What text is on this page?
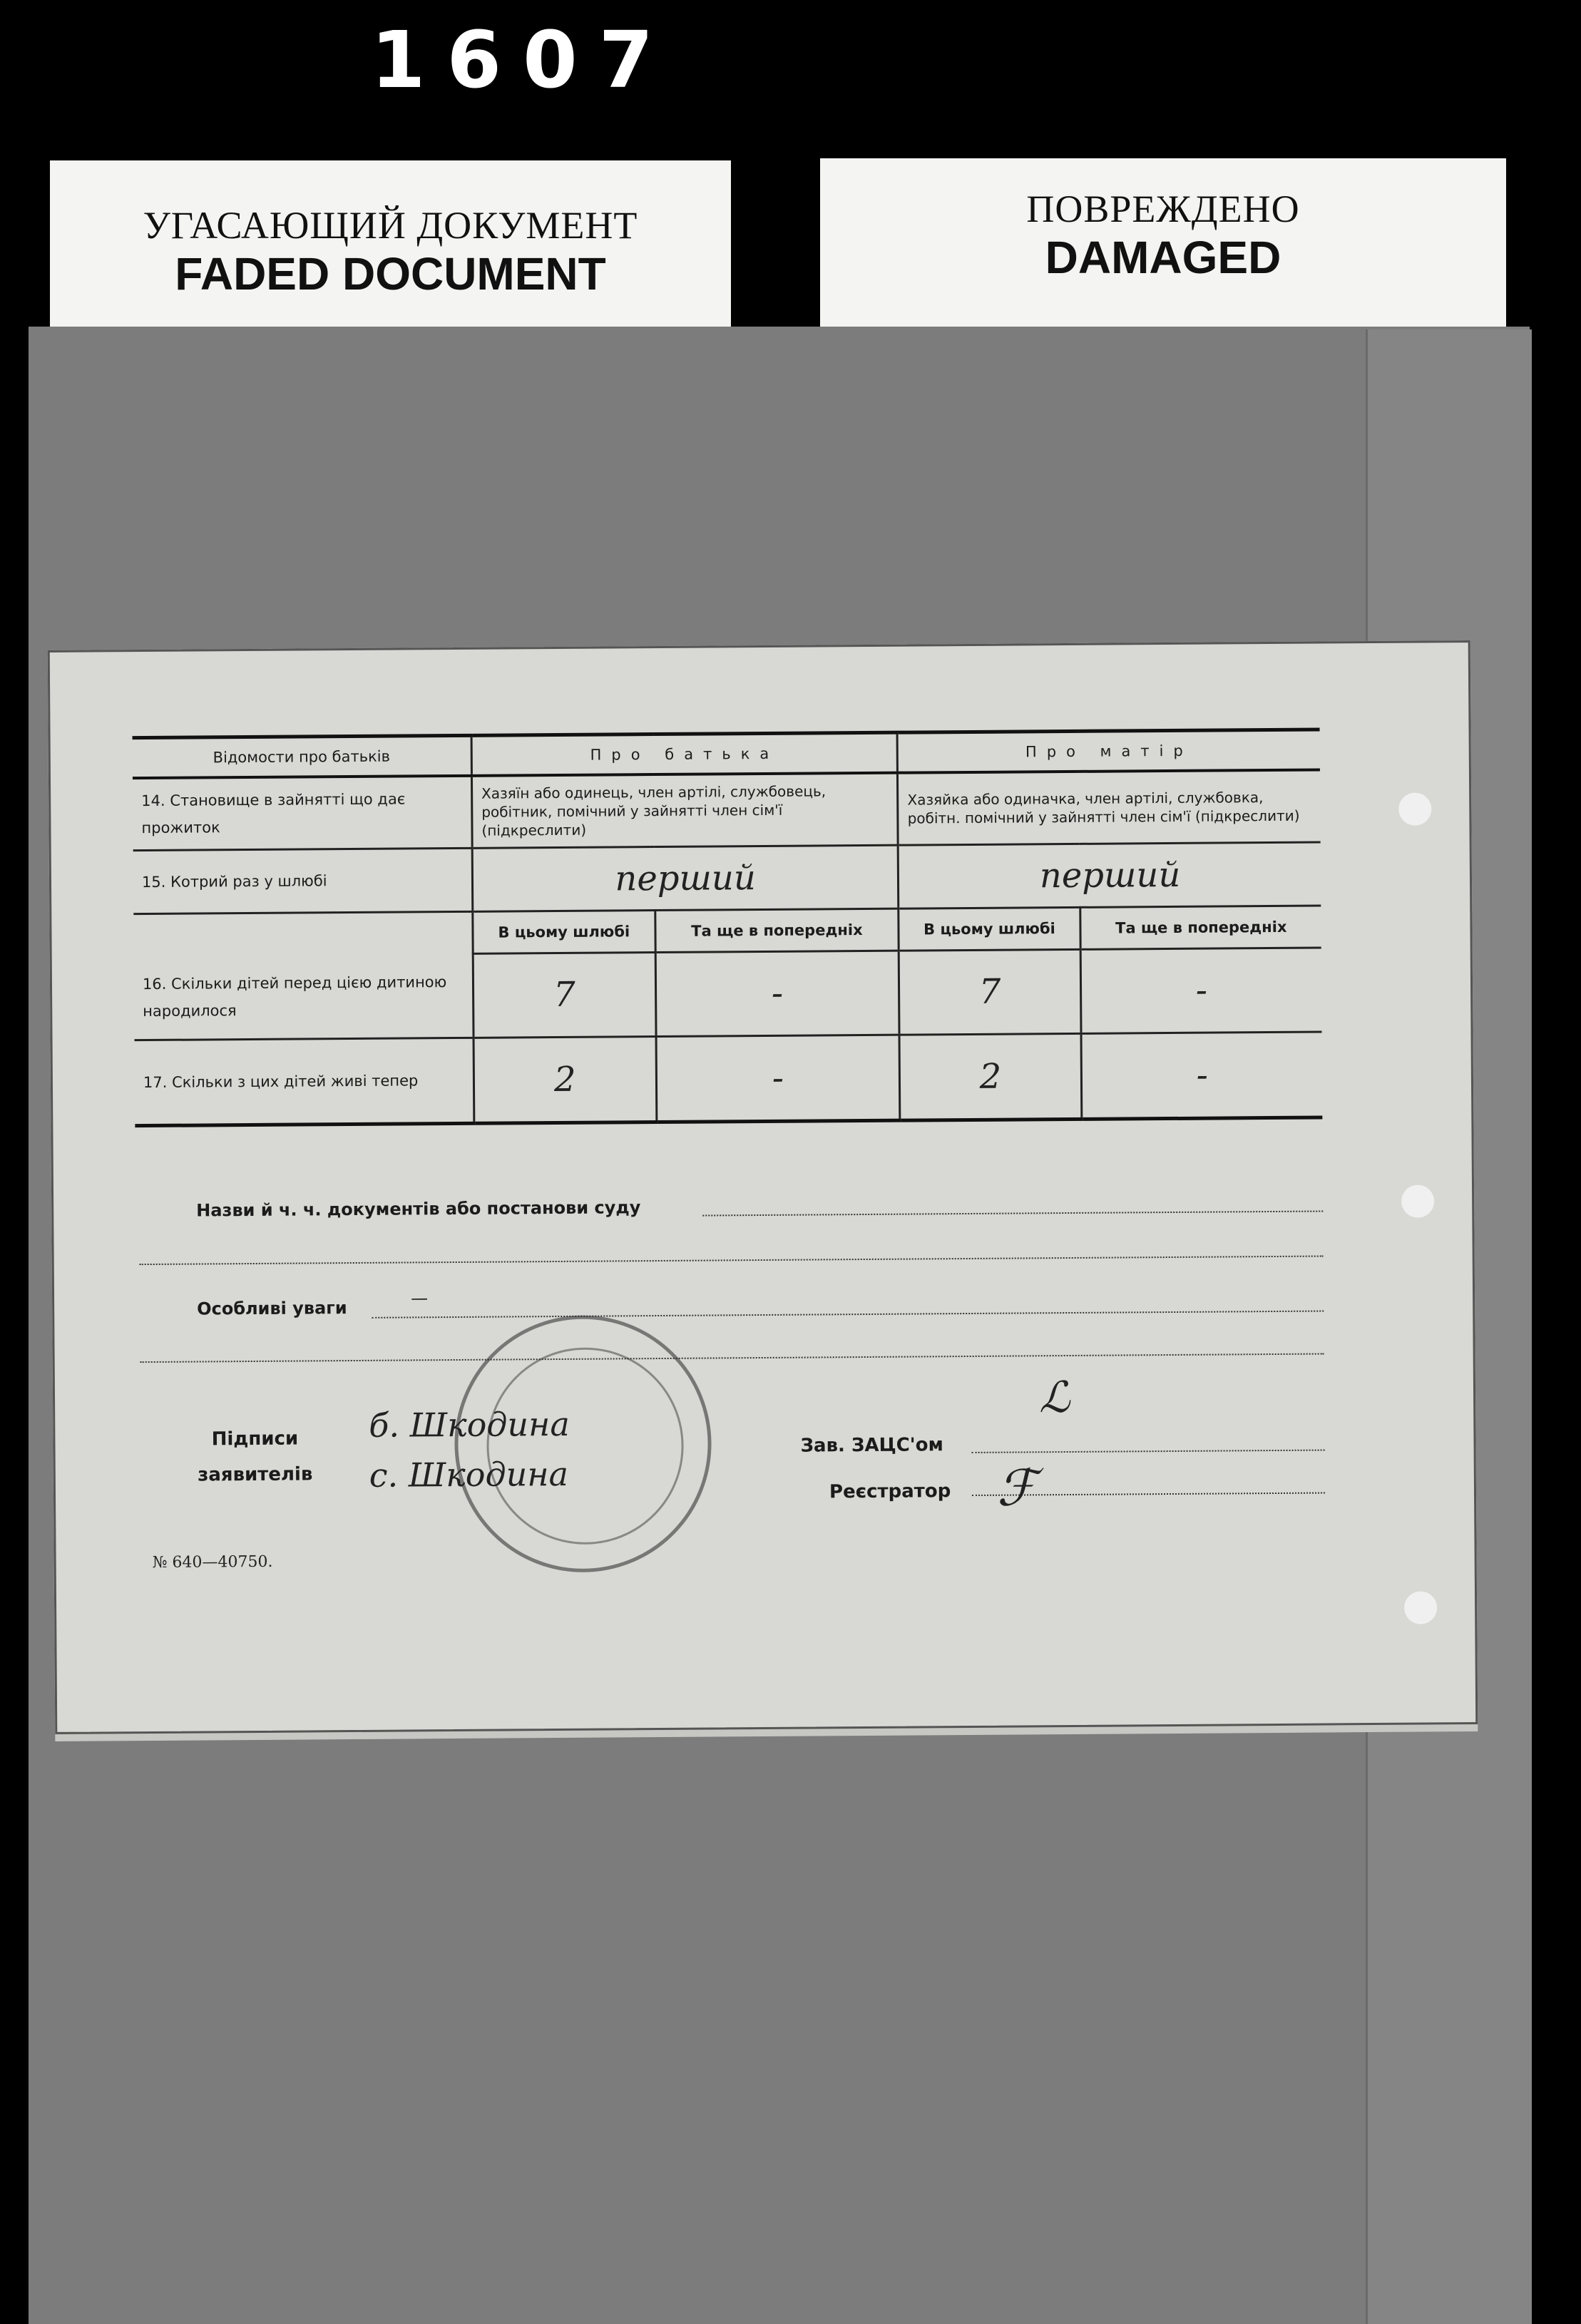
1607
УГАСАЮЩИЙ ДОКУМЕНТ
FADED DOCUMENT
ПОВРЕЖДЕНО
DAMAGED
Відомости про батьків	Про батька		Про матір	
14. Становище в зайнятті що дає прожиток	Хазяїн або одинець, член артілі, службовець, робітник, помічний у зайнятті член сім'ї (підкреслити)		Хазяйка або одиначка, член артілі, службовка, робітн. помічний у зайнятті член сім'ї (підкреслити)	
15. Котрий раз у шлюбі	перший		перший	
	В цьому шлюбі	Та ще в попередніх	В цьому шлюбі	Та ще в попередніх
16. Скільки дітей перед цією дитиною народилося	7	-	7	-
17. Скільки з цих дітей живі тепер	2	-	2	-
Назви й ч. ч. документів або постанови суду
Особливі уваги	—
Підписи заявителів
б. Шкодина
с. Шкодина
Зав. ЗАЦС'ом
Реєстратор
ℒ
ℱ
№ 640—40750.
